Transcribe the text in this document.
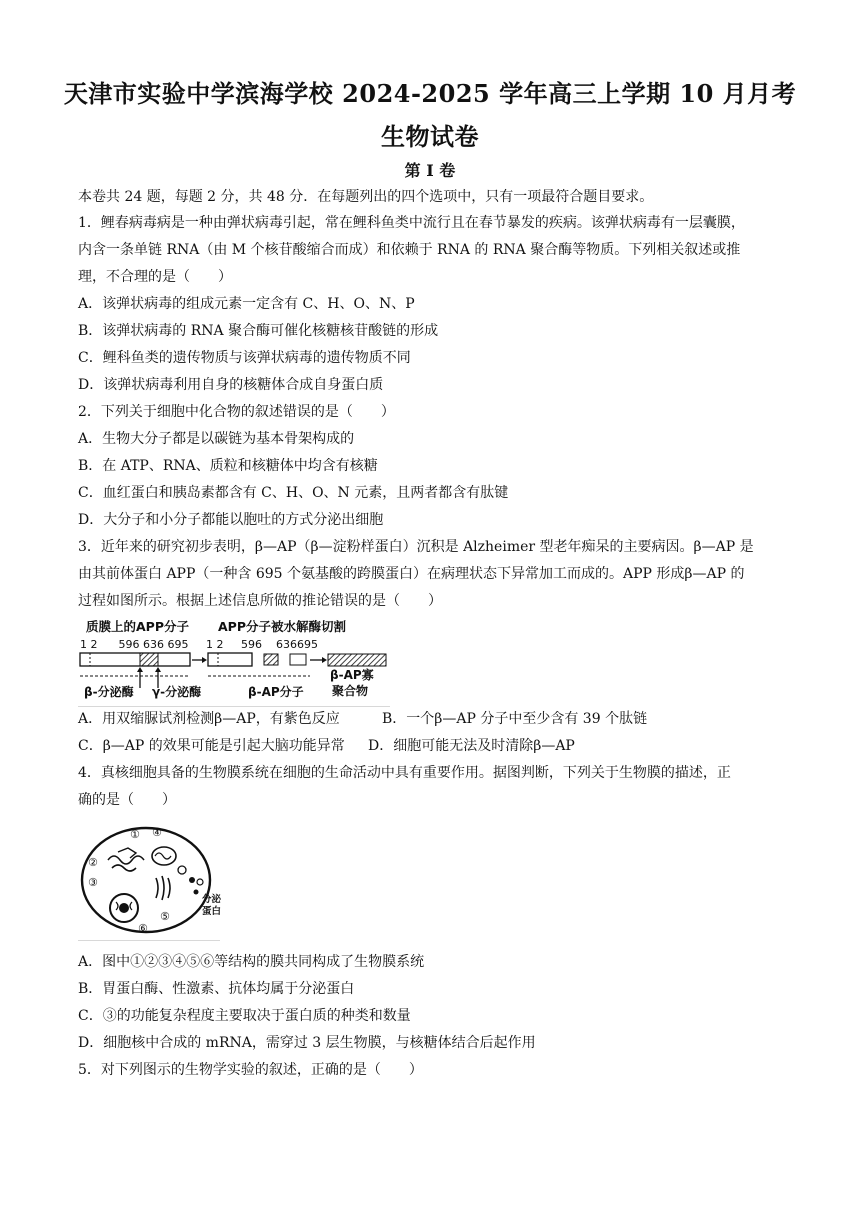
天津市实验中学滨海学校 2024-2025 学年高三上学期 10 月月考
生物试卷
第 I 卷
本卷共 24 题，每题 2 分，共 48 分．在每题列出的四个选项中，只有一项最符合题目要求。
1．鲤春病毒病是一种由弹状病毒引起，常在鲤科鱼类中流行且在春节暴发的疾病。该弹状病毒有一层囊膜，
内含一条单链 RNA（由 M 个核苷酸缩合而成）和依赖于 RNA 的 RNA 聚合酶等物质。下列相关叙述或推
理，不合理的是（　　）
A．该弹状病毒的组成元素一定含有 C、H、O、N、P
B．该弹状病毒的 RNA 聚合酶可催化核糖核苷酸链的形成
C．鲤科鱼类的遗传物质与该弹状病毒的遗传物质不同
D．该弹状病毒利用自身的核糖体合成自身蛋白质
2．下列关于细胞中化合物的叙述错误的是（　　）
A．生物大分子都是以碳链为基本骨架构成的
B．在 ATP、RNA、质粒和核糖体中均含有核糖
C．血红蛋白和胰岛素都含有 C、H、O、N 元素，且两者都含有肽键
D．大分子和小分子都能以胞吐的方式分泌出细胞
3．近年来的研究初步表明，β—AP（β—淀粉样蛋白）沉积是 Alzheimer 型老年痴呆的主要病因。β—AP 是
由其前体蛋白 APP（一种含 695 个氨基酸的跨膜蛋白）在病理状态下异常加工而成的。APP 形成β—AP 的
过程如图所示。根据上述信息所做的推论错误的是（　　）
质膜上的APP分子 APP分子被水解酶切割
1 2      596 636 695 1 2     596    636695
β-分泌酶 γ-分泌酶	β-AP分子
β-AP寡
聚合物
A．用双缩脲试剂检测β—AP，有紫色反应	B．一个β—AP 分子中至少含有 39 个肽链
C．β—AP 的效果可能是引起大脑功能异常 D．细胞可能无法及时清除β—AP
4．真核细胞具备的生物膜系统在细胞的生命活动中具有重要作用。据图判断，下列关于生物膜的描述，正
确的是（　　）
②
③
① ④
⑤
⑥
分泌
蛋白
A．图中①②③④⑤⑥等结构的膜共同构成了生物膜系统
B．胃蛋白酶、性激素、抗体均属于分泌蛋白
C．③的功能复杂程度主要取决于蛋白质的种类和数量
D．细胞核中合成的 mRNA，需穿过 3 层生物膜，与核糖体结合后起作用
5．对下列图示的生物学实验的叙述，正确的是（　　）
